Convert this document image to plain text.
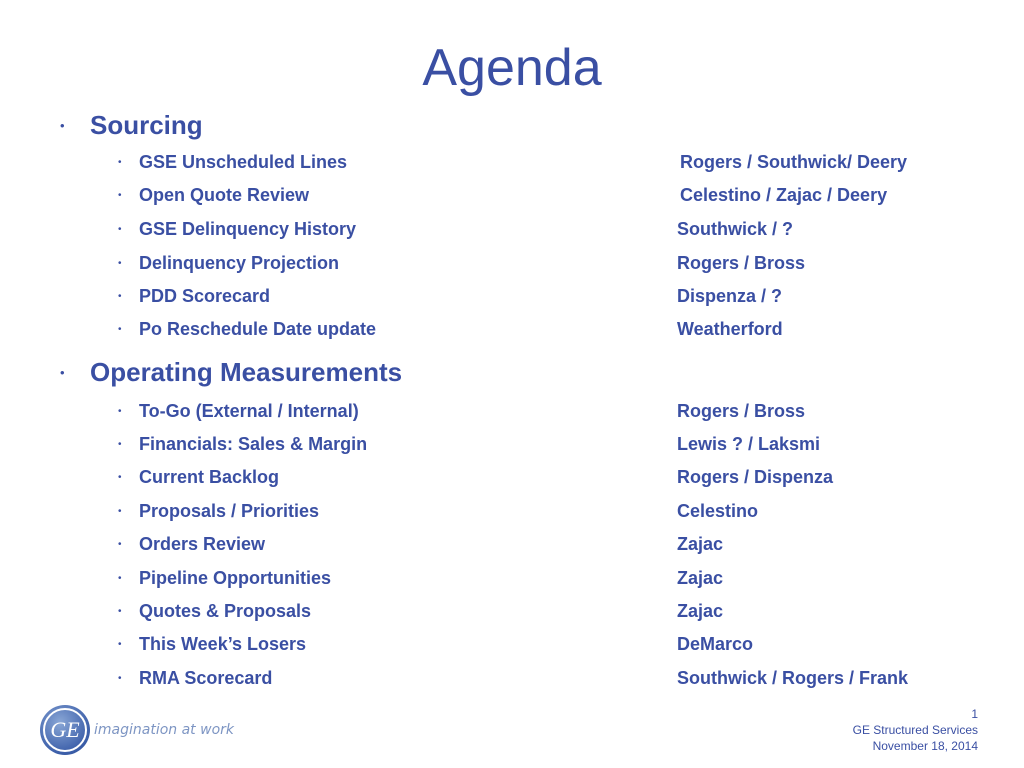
Agenda
• Sourcing
• GSE Unscheduled Lines	Rogers / Southwick/ Deery
• Open Quote Review	Celestino / Zajac / Deery
• GSE Delinquency History	Southwick / ?
• Delinquency Projection	Rogers / Bross
• PDD Scorecard	Dispenza / ?
• Po Reschedule Date update	Weatherford
• Operating Measurements
• To-Go (External / Internal)	Rogers / Bross
• Financials: Sales & Margin	Lewis ? / Laksmi
• Current Backlog	Rogers / Dispenza
• Proposals / Priorities	Celestino
• Orders Review	Zajac
• Pipeline Opportunities	Zajac
• Quotes & Proposals	Zajac
• This Week’s Losers	DeMarco
• RMA Scorecard	Southwick / Rogers / Frank
GE imagination at work
1
GE Structured Services
November 18, 2014
